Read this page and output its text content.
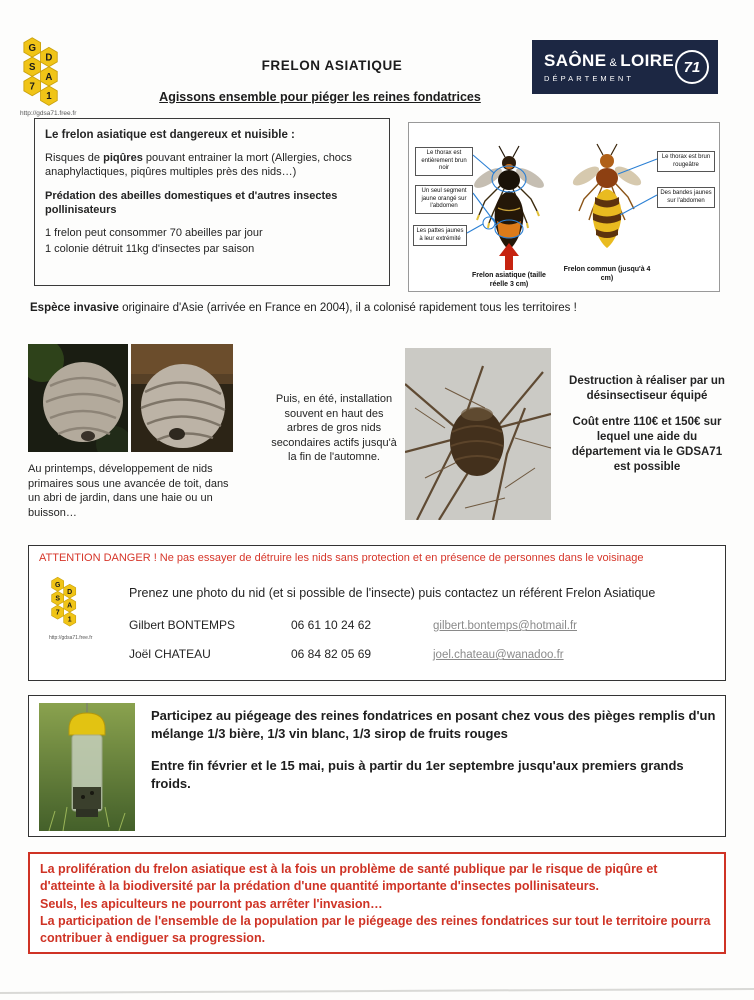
G
D
S
A
7
1
http://gdsa71.free.fr
FRELON ASIATIQUE
Agissons ensemble pour piéger les reines fondatrices
SAÔNE & LOIRE
DÉPARTEMENT
71
Le frelon asiatique est dangereux et nuisible :

Risques de piqûres pouvant entrainer la mort (Allergies, chocs anaphylactiques, piqûres multiples près des nids…)

Prédation des abeilles domestiques et d'autres insectes pollinisateurs

1 frelon peut consommer 70 abeilles par jour

1 colonie détruit 11kg d'insectes par saison

Le thorax est entièrement brun noir
Un seul segment jaune orangé sur l'abdomen
Les pattes jaunes à leur extrémité
Le thorax est brun rougeâtre
Des bandes jaunes sur l'abdomen
Frelon asiatique (taille réelle 3 cm)
Frelon commun (jusqu'à 4 cm)
Espèce invasive originaire d'Asie (arrivée en France en 2004), il a colonisé rapidement tous les territoires !
Au printemps, développement de nids primaires sous une avancée de toit, dans un abri de jardin, dans une haie ou un buisson…
Puis, en été, installation souvent en haut des arbres de gros nids secondaires actifs jusqu'à la fin de l'automne.
Destruction à réaliser par un désinsectiseur équipé
Coût entre 110€ et 150€ sur lequel une aide du département via le GDSA71 est possible
ATTENTION DANGER ! Ne pas essayer de détruire les nids sans protection et en présence de personnes dans le voisinage
G
D
S
A
7
1
http://gdsa71.free.fr
Prenez une photo du nid (et si possible de l'insecte) puis contactez un référent Frelon Asiatique
Gilbert BONTEMPS	06 61 10 24 62	gilbert.bontemps@hotmail.fr
Joël CHATEAU	06 84 82 05 69	joel.chateau@wanadoo.fr
Participez au piégeage des reines fondatrices en posant chez vous des pièges remplis d'un mélange 1/3 bière, 1/3 vin blanc, 1/3 sirop de fruits rouges
Entre fin février et le 15 mai, puis à partir du 1er septembre jusqu'aux premiers grands froids.
La prolifération du frelon asiatique est à la fois un problème de santé publique par le risque de piqûre et d'atteinte à la biodiversité par la prédation d'une quantité importante d'insectes pollinisateurs.
Seuls, les apiculteurs ne pourront pas arrêter l'invasion…
La participation de l'ensemble de la population par le piégeage des reines fondatrices sur tout le territoire pourra contribuer à endiguer sa progression.
